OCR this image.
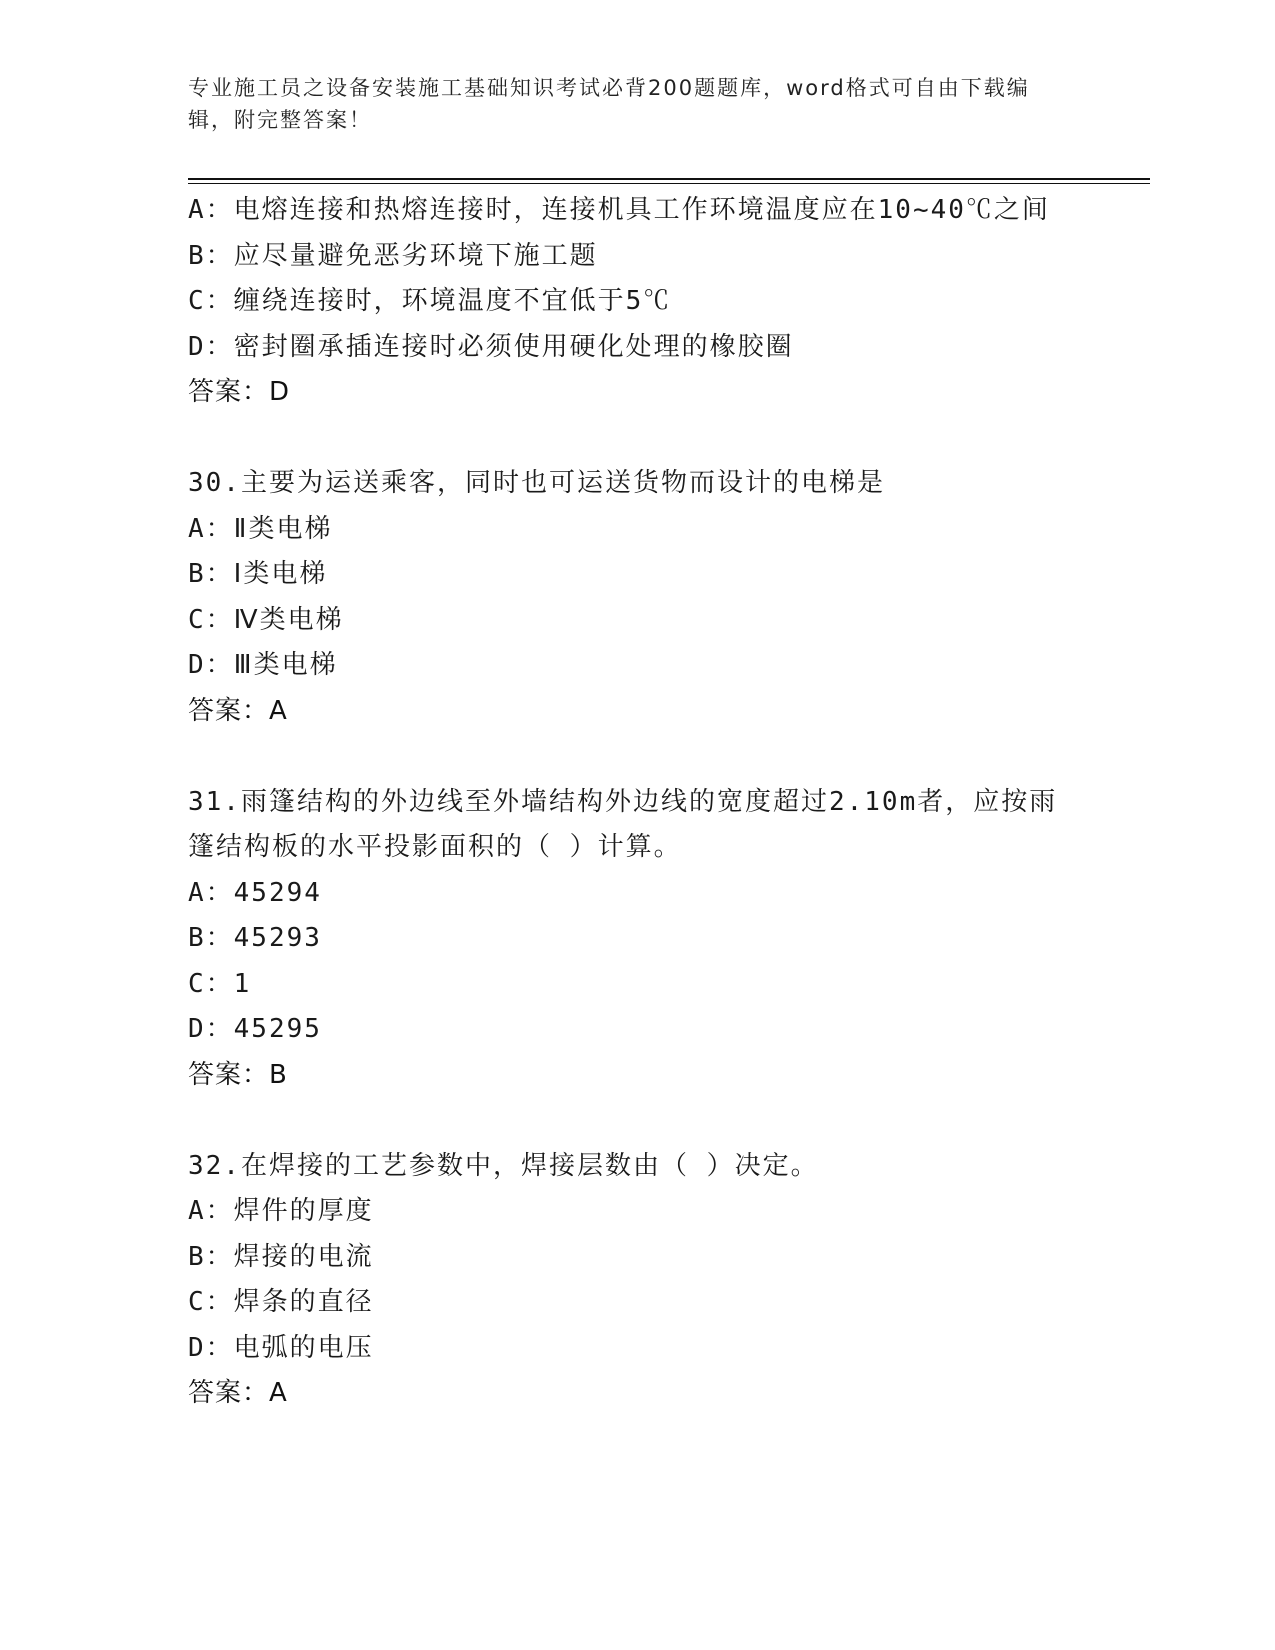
专业施工员之设备安装施工基础知识考试必背200题题库，word格式可自由下载编辑，附完整答案！
A：电熔连接和热熔连接时，连接机具工作环境温度应在10~40℃之间
B：应尽量避免恶劣环境下施工题
C：缠绕连接时，环境温度不宜低于5℃
D：密封圈承插连接时必须使用硬化处理的橡胶圈
答案：D
30.主要为运送乘客，同时也可运送货物而设计的电梯是
A：Ⅱ类电梯
B：Ⅰ类电梯
C：Ⅳ类电梯
D：Ⅲ类电梯
答案：A
31.雨篷结构的外边线至外墙结构外边线的宽度超过2.10m者，应按雨
篷结构板的水平投影面积的（ ）计算。
A：45294
B：45293
C：1
D：45295
答案：B
32.在焊接的工艺参数中，焊接层数由（ ）决定。
A：焊件的厚度
B：焊接的电流
C：焊条的直径
D：电弧的电压
答案：A
